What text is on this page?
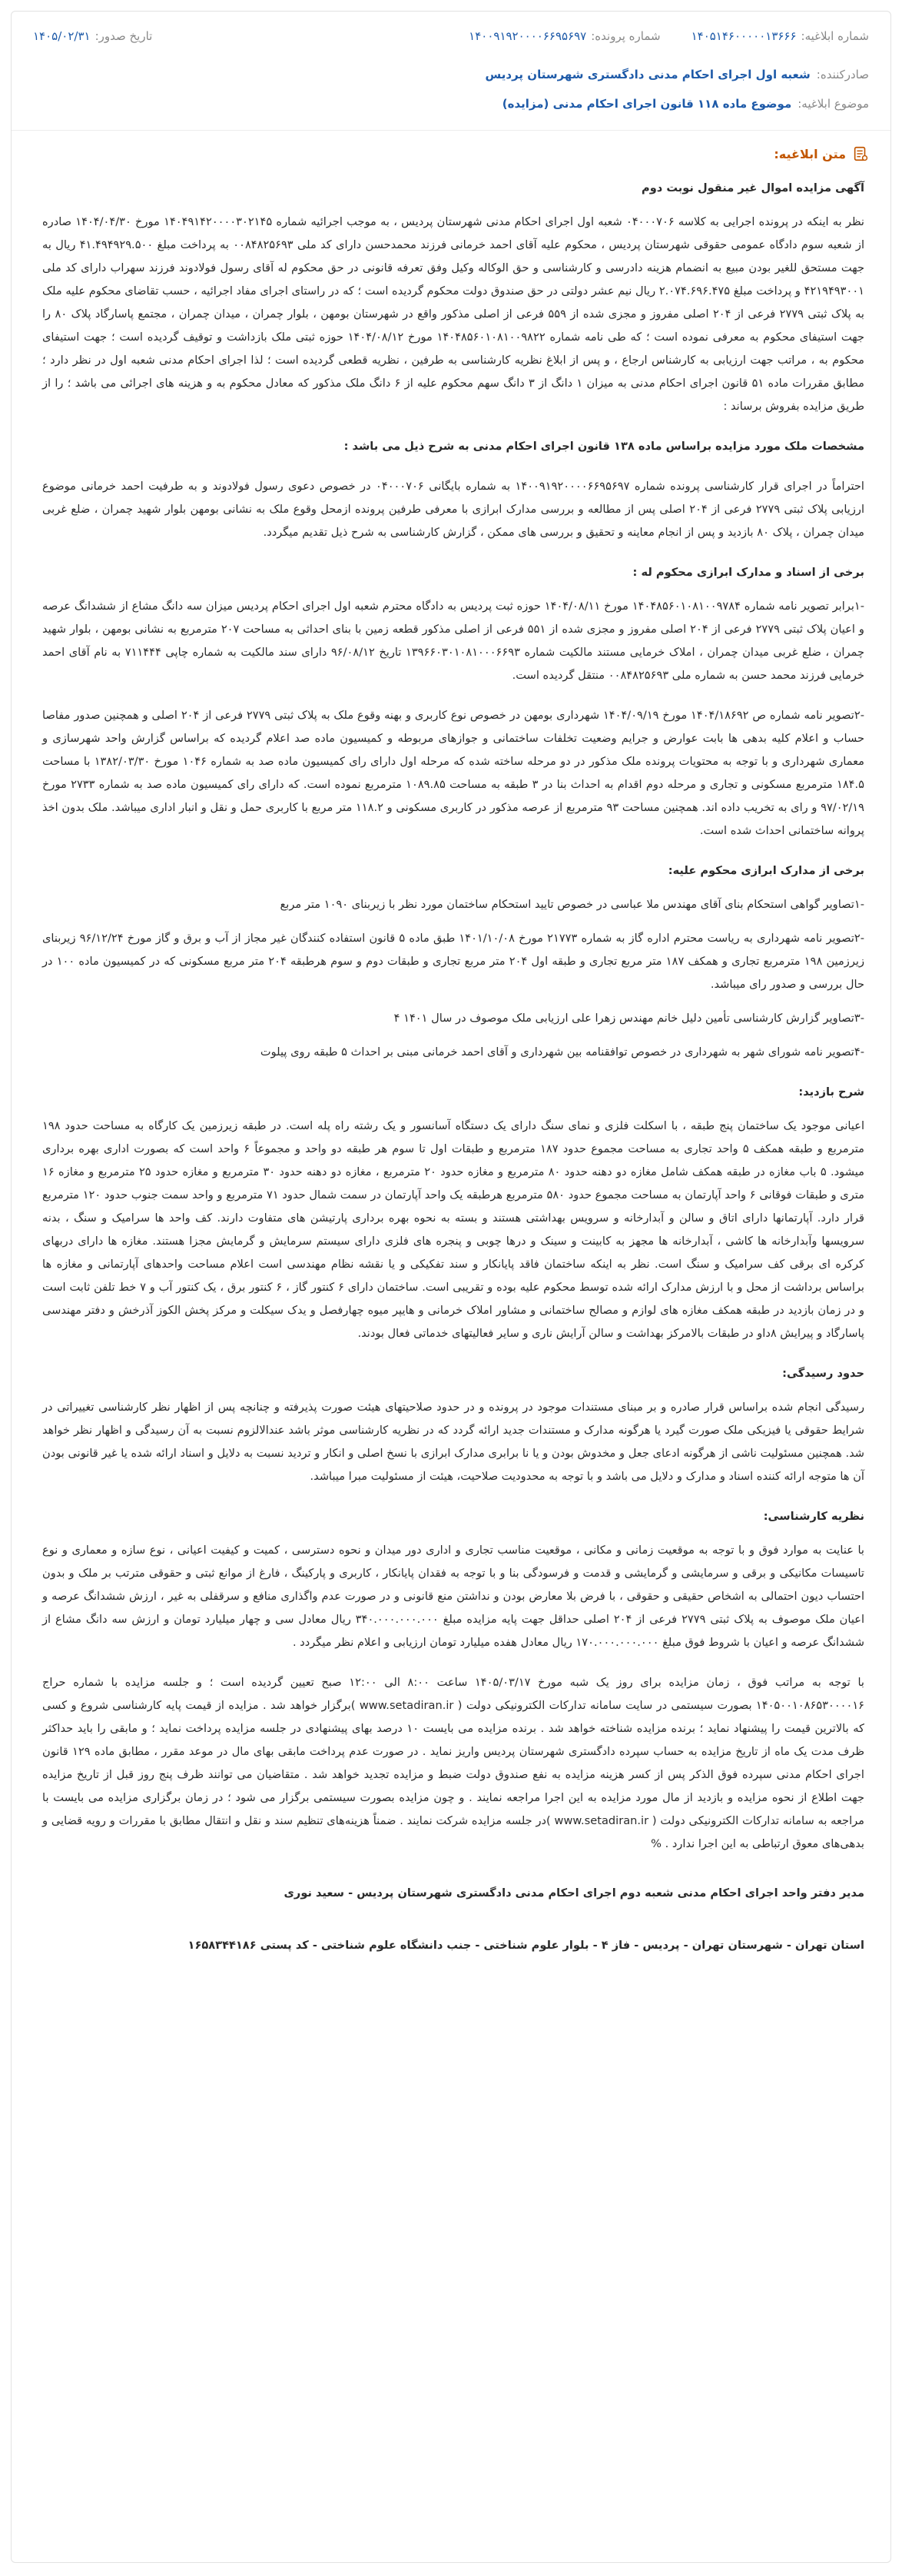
شماره ابلاغیه:
۱۴۰۵۱۴۶۰۰۰۰۰۱۳۶۶۶
شماره پرونده:
۱۴۰۰۹۱۹۲۰۰۰۰۶۶۹۵۶۹۷
تاریخ صدور:
۱۴۰۵/۰۲/۳۱
صادرکننده:
شعبه اول اجرای احکام مدنی دادگستری شهرستان پردیس
موضوع ابلاغیه:
موضوع ماده ۱۱۸ قانون اجرای احکام مدنی (مزایده)
متن ابلاغیه:

آگهی مزایده اموال غیر منقول نوبت دوم

نظر به اینکه در پرونده اجرایی به کلاسه ۰۴۰۰۰۷۰۶ شعبه اول اجرای احکام مدنی شهرستان پردیس ، به موجب اجرائیه شماره ۱۴۰۴۹۱۴۲۰۰۰۰۳۰۲۱۴۵ مورخ ۱۴۰۴/۰۴/۳۰ صادره از شعبه سوم دادگاه عمومی حقوقی شهرستان پردیس ، محکوم علیه آقای احمد خرمانی فرزند محمدحسن دارای کد ملی ۰۰۸۴۸۲۵۶۹۳ به پرداخت مبلغ ۴۱.۴۹۴۹۲۹.۵۰۰ ریال به جهت مستحق للغیر بودن مبیع به انضمام هزینه دادرسی و کارشناسی و حق الوکاله وکیل وفق تعرفه قانونی در حق محکوم له آقای رسول فولادوند فرزند سهراب دارای کد ملی ۴۲۱۹۴۹۳۰۰۱ و پرداخت مبلغ ۲.۰۷۴.۶۹۶.۴۷۵ ریال نیم عشر دولتی در حق صندوق دولت محکوم گردیده است ؛ که در راستای اجرای مفاد اجرائیه ، حسب تقاضای محکوم علیه ملک به پلاک ثبتی ۲۷۷۹ فرعی از ۲۰۴ اصلی مفروز و مجزی شده از ۵۵۹ فرعی از اصلی مذکور واقع در شهرستان بومهن ، بلوار چمران ، میدان چمران ، مجتمع پاسارگاد پلاک ۸۰ را جهت استیفای محکوم به معرفی نموده است ؛ که طی نامه شماره ۱۴۰۴۸۵۶۰۱۰۸۱۰۰۹۸۲۲ مورخ ۱۴۰۴/۰۸/۱۲ حوزه ثبتی ملک بازداشت و توقیف گردیده است ؛ جهت استیفای محکوم به ، مراتب جهت ارزیابی به کارشناس ارجاع ، و پس از ابلاغ نظریه کارشناسی به طرفین ، نظریه قطعی گردیده است ؛ لذا اجرای احکام مدنی شعبه اول در نظر دارد ؛ مطابق مقررات ماده ۵۱ قانون اجرای احکام مدنی به میزان ۱ دانگ از ۳ دانگ سهم محکوم علیه از ۶ دانگ ملک مذکور که معادل محکوم به و هزینه های اجرائی می باشد ؛ را از طریق مزایده بفروش برساند :

مشخصات ملک مورد مزایده براساس ماده ۱۳۸ قانون اجرای احکام مدنی به شرح ذیل می باشد :

احتراماً در اجرای قرار کارشناسی پرونده شماره ۱۴۰۰۹۱۹۲۰۰۰۰۶۶۹۵۶۹۷ به شماره بایگانی ۰۴۰۰۰۷۰۶ در خصوص دعوی رسول فولادوند و به طرفیت احمد خرمانی موضوع ارزیابی پلاک ثبتی ۲۷۷۹ فرعی از ۲۰۴ اصلی پس از مطالعه و بررسی مدارک ابرازی با معرفی طرفین پرونده ازمحل وقوع ملک به نشانی بومهن بلوار شهید چمران ، ضلع غربی میدان چمران ، پلاک ۸۰ بازدید و پس از انجام معاینه و تحقیق و بررسی های ممکن ، گزارش کارشناسی به شرح ذیل تقدیم میگردد.

برخی از اسناد و مدارک ابرازی محکوم له :

-۱برابر تصویر نامه شماره ۱۴۰۴۸۵۶۰۱۰۸۱۰۰۹۷۸۴ مورخ ۱۴۰۴/۰۸/۱۱ حوزه ثبت پردیس به دادگاه محترم شعبه اول اجرای احکام پردیس میزان سه دانگ مشاع از ششدانگ عرصه و اعیان پلاک ثبتی ۲۷۷۹ فرعی از ۲۰۴ اصلی مفروز و مجزی شده از ۵۵۱ فرعی از اصلی مذکور قطعه زمین با بنای احداثی به مساحت ۲۰۷ مترمربع به نشانی بومهن ، بلوار شهید چمران ، ضلع غربی میدان چمران ، املاک خرمایی مستند مالکیت شماره ۱۳۹۶۶۰۳۰۱۰۸۱۰۰۰۶۶۹۳ تاریخ ۹۶/۰۸/۱۲ دارای سند مالکیت به شماره چاپی ۷۱۱۴۴۴ به نام آقای احمد خرمایی فرزند محمد حسن به شماره ملی ۰۰۸۴۸۲۵۶۹۳ منتقل گردیده است.

-۲تصویر نامه شماره ص ۱۴۰۴/۱۸۶۹۲ مورخ ۱۴۰۴/۰۹/۱۹ شهرداری بومهن در خصوص نوع کاربری و بهنه وقوع ملک به پلاک ثبتی ۲۷۷۹ فرعی از ۲۰۴ اصلی و همچنین صدور مفاصا حساب و اعلام کلیه بدهی ها بابت عوارض و جرایم وضعیت تخلفات ساختمانی و جوازهای مربوطه و کمیسیون ماده صد اعلام گردیده که براساس گزارش واحد شهرسازی و معماری شهرداری و با توجه به محتویات پرونده ملک مذکور در دو مرحله ساخته شده که مرحله اول دارای رای کمیسیون ماده صد به شماره ۱۰۴۶ مورخ ۱۳۸۲/۰۳/۳۰ با مساحت ۱۸۴.۵ مترمربع مسکونی و تجاری و مرحله دوم اقدام به احداث بنا در ۳ طبقه به مساحت ۱۰۸۹.۸۵ مترمربع نموده است. که دارای رای کمیسیون ماده صد به شماره ۲۷۳۳ مورخ ۹۷/۰۲/۱۹ و رای به تخریب داده اند. همچنین مساحت ۹۳ مترمربع از عرصه مذکور در کاربری مسکونی و ۱۱۸.۲ متر مربع با کاربری حمل و نقل و انبار اداری میباشد. ملک بدون اخذ پروانه ساختمانی احداث شده است.

برخی از مدارک ابرازی محکوم علیه:

-۱تصاویر گواهی استحکام بنای آقای مهندس ملا عباسی در خصوص تایید استحکام ساختمان مورد نظر با زیربنای ۱۰۹۰ متر مربع

-۲تصویر نامه شهرداری به ریاست محترم اداره گاز به شماره ۲۱۷۷۳ مورخ ۱۴۰۱/۱۰/۰۸ طبق ماده ۵ قانون استفاده کنندگان غیر مجاز از آب و برق و گاز مورخ ۹۶/۱۲/۲۴ زیربنای زیرزمین ۱۹۸ مترمربع تجاری و همکف ۱۸۷ متر مربع تجاری و طبقه اول ۲۰۴ متر مربع تجاری و طبقات دوم و سوم هرطبقه ۲۰۴ متر مربع مسکونی که در کمیسیون ماده ۱۰۰ در حال بررسی و صدور رای میباشد.

-۳تصاویر گزارش کارشناسی تأمین دلیل خانم مهندس زهرا علی ارزیابی ملک موصوف در سال ۱۴۰۱ ۴

-۴تصویر نامه شورای شهر به شهرداری در خصوص توافقنامه بین شهرداری و آقای احمد خرمانی مبنی بر احداث ۵ طبقه روی پیلوت

شرح بازدید:

اعیانی موجود یک ساختمان پنج طبقه ، با اسکلت فلزی و نمای سنگ دارای یک دستگاه آسانسور و یک رشته راه پله است. در طبقه زیرزمین یک کارگاه به مساحت حدود ۱۹۸ مترمربع و طبقه همکف ۵ واحد تجاری به مساحت مجموع حدود ۱۸۷ مترمربع و طبقات اول تا سوم هر طبقه دو واحد و مجموعاً ۶ واحد است که بصورت اداری بهره برداری میشود. ۵ باب مغازه در طبقه همکف شامل مغازه دو دهنه حدود ۸۰ مترمربع و مغازه حدود ۲۰ مترمربع ، مغازه دو دهنه حدود ۳۰ مترمربع و مغازه حدود ۲۵ مترمربع و مغازه ۱۶ متری و طبقات فوقانی ۶ واحد آپارتمان به مساحت مجموع حدود ۵۸۰ مترمربع هرطبقه یک واحد آپارتمان در سمت شمال حدود ۷۱ مترمربع و واحد سمت جنوب حدود ۱۲۰ مترمربع قرار دارد. آپارتمانها دارای اتاق و سالن و آبدارخانه و سرویس بهداشتی هستند و بسته به نحوه بهره برداری پارتیشن های متفاوت دارند. کف واحد ها سرامیک و سنگ ، بدنه سرویسها وآبدارخانه ها کاشی ، آبدارخانه ها مجهز به کابینت و سینک و درها چوبی و پنجره های فلزی دارای سیستم سرمایش و گرمایش مجزا هستند. مغازه ها دارای دربهای کرکره ای برقی کف سرامیک و سنگ است. نظر به اینکه ساختمان فاقد پایانکار و سند تفکیکی و یا نقشه نظام مهندسی است اعلام مساحت واحدهای آپارتمانی و مغازه ها براساس برداشت از محل و با ارزش مدارک ارائه شده توسط محکوم علیه بوده و تقریبی است. ساختمان دارای ۶ کنتور گاز ، ۶ کنتور برق ، یک کنتور آب و ۷ خط تلفن ثابت است و در زمان بازدید در طبقه همکف مغازه های لوازم و مصالح ساختمانی و مشاور املاک خرمانی و هایپر میوه چهارفصل و یدک سیکلت و مرکز پخش الکوز آذرخش و دفتر مهندسی پاسارگاد و پیرایش ۸داو در طبقات بالامرکز بهداشت و سالن آرایش ناری و سایر فعالیتهای خدماتی فعال بودند.

حدود رسیدگی:

رسیدگی انجام شده براساس قرار صادره و بر مبنای مستندات موجود در پرونده و در حدود صلاحیتهای هیئت صورت پذیرفته و چنانچه پس از اظهار نظر کارشناسی تغییراتی در شرایط حقوقی یا فیزیکی ملک صورت گیرد یا هرگونه مدارک و مستندات جدید ارائه گردد که در نظریه کارشناسی موثر باشد عندالالزوم نسبت به آن رسیدگی و اظهار نظر خواهد شد. همچنین مسئولیت ناشی از هرگونه ادعای جعل و مخدوش بودن و یا نا برابری مدارک ابرازی با نسخ اصلی و انکار و تردید نسبت به دلایل و اسناد ارائه شده یا غیر قانونی بودن آن ها متوجه ارائه کننده اسناد و مدارک و دلایل می باشد و با توجه به محدودیت صلاحیت، هیئت از مسئولیت مبرا میباشد.

نظریه کارشناسی:

با عنایت به موارد فوق و با توجه به موقعیت زمانی و مکانی ، موقعیت مناسب تجاری و اداری دور میدان و نحوه دسترسی ، کمیت و کیفیت اعیانی ، نوع سازه و معماری و نوع تاسیسات مکانیکی و برقی و سرمایشی و گرمایشی و قدمت و فرسودگی بنا و با توجه به فقدان پایانکار ، کاربری و پارکینگ ، فارغ از موانع ثبتی و حقوقی مترتب بر ملک و بدون احتساب دیون احتمالی به اشخاص حقیقی و حقوقی ، با فرض بلا معارض بودن و نداشتن منع قانونی و در صورت عدم واگذاری منافع و سرقفلی به غیر ، ارزش ششدانگ عرصه و اعیان ملک موصوف به پلاک ثبتی ۲۷۷۹ فرعی از ۲۰۴ اصلی حداقل جهت پایه مزایده مبلغ ۳۴۰.۰۰۰.۰۰۰.۰۰۰ ریال معادل سی و چهار میلیارد تومان و ارزش سه دانگ مشاع از ششدانگ عرصه و اعیان با شروط فوق مبلغ ۱۷۰.۰۰۰.۰۰۰.۰۰۰ ریال معادل هفده میلیارد تومان ارزیابی و اعلام نظر میگردد .

با توجه به مراتب فوق ، زمان مزایده برای روز یک شبه مورخ ۱۴۰۵/۰۳/۱۷ ساعت ۸:۰۰ الی ۱۲:۰۰ صبح تعیین گردیده است ؛ و جلسه مزایده با شماره حراج ۱۴۰۵۰۰۱۰۸۶۵۳۰۰۰۰۱۶ بصورت سیستمی در سایت سامانه تدارکات الکترونیکی دولت ( www.setadiran.ir )برگزار خواهد شد . مزایده از قیمت پایه کارشناسی شروع و کسی که بالاترین قیمت را پیشنهاد نماید ؛ برنده مزایده شناخته خواهد شد . برنده مزایده می بایست ۱۰ درصد بهای پیشنهادی در جلسه مزایده پرداخت نماید ؛ و مابقی را باید حداکثر ظرف مدت یک ماه از تاریخ مزایده به حساب سپرده دادگستری شهرستان پردیس واریز نماید . در صورت عدم پرداخت مابقی بهای مال در موعد مقرر ، مطابق ماده ۱۲۹ قانون اجرای احکام مدنی سپرده فوق الذکر پس از کسر هزینه مزایده به نفع صندوق دولت ضبط و مزایده تجدید خواهد شد . متقاضیان می توانند ظرف پنج روز قبل از تاریخ مزایده جهت اطلاع از نحوه مزایده و بازدید از مال مورد مزایده به این اجرا مراجعه نمایند . و چون مزایده بصورت سیستمی برگزار می شود ؛ در زمان برگزاری مزایده می بایست با مراجعه به سامانه تدارکات الکترونیکی دولت ( www.setadiran.ir )در جلسه مزایده شرکت نمایند . ضمناً هزینه‌های تنظیم سند و نقل و انتقال مطابق با مقررات و رویه قضایی و بدهی‌های معوق ارتباطی به این اجرا ندارد . %

مدیر دفتر واحد اجرای احکام مدنی شعبه دوم اجرای احکام مدنی دادگستری شهرستان پردیس - سعید نوری

استان تهران - شهرستان تهران - پردیس - فاز ۴ - بلوار علوم شناختی - جنب دانشگاه علوم شناختی - کد پستی ۱۶۵۸۳۴۴۱۸۶
